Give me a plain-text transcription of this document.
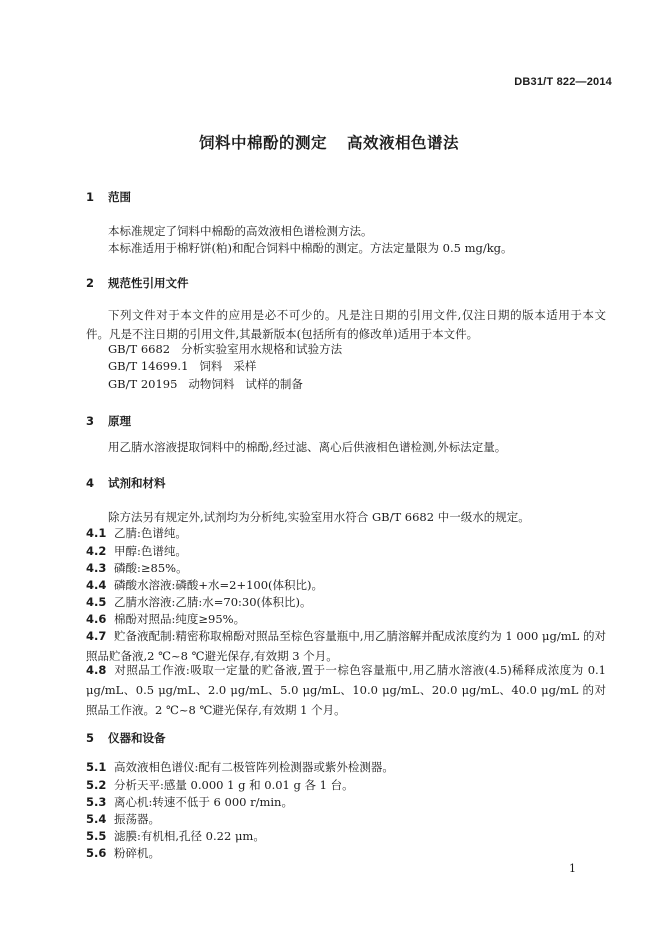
DB31/T 822—2014
饲料中棉酚的测定 高效液相色谱法
1 范围
本标准规定了饲料中棉酚的高效液相色谱检测方法。
本标准适用于棉籽饼(粕)和配合饲料中棉酚的测定。方法定量限为 0.5 mg/kg。
2 规范性引用文件
下列文件对于本文件的应用是必不可少的。凡是注日期的引用文件,仅注日期的版本适用于本文件。凡是不注日期的引用文件,其最新版本(包括所有的修改单)适用于本文件。
GB/T 6682   分析实验室用水规格和试验方法
GB/T 14699.1   饲料   采样
GB/T 20195   动物饲料   试样的制备
3 原理
用乙腈水溶液提取饲料中的棉酚,经过滤、离心后供液相色谱检测,外标法定量。
4 试剂和材料
除方法另有规定外,试剂均为分析纯,实验室用水符合 GB/T 6682 中一级水的规定。
4.1 乙腈:色谱纯。
4.2 甲醇:色谱纯。
4.3 磷酸:≥85%。
4.4 磷酸水溶液:磷酸+水=2+100(体积比)。
4.5 乙腈水溶液:乙腈:水=70:30(体积比)。
4.6 棉酚对照品:纯度≥95%。
4.7 贮备液配制:精密称取棉酚对照品至棕色容量瓶中,用乙腈溶解并配成浓度约为 1 000 μg/mL 的对照品贮备液,2 ℃~8 ℃避光保存,有效期 3 个月。
4.8 对照品工作液:吸取一定量的贮备液,置于一棕色容量瓶中,用乙腈水溶液(4.5)稀释成浓度为 0.1 μg/mL、0.5 μg/mL、2.0 μg/mL、5.0 μg/mL、10.0 μg/mL、20.0 μg/mL、40.0 μg/mL 的对照品工作液。2 ℃~8 ℃避光保存,有效期 1 个月。
5 仪器和设备
5.1 高效液相色谱仪:配有二极管阵列检测器或紫外检测器。
5.2 分析天平:感量 0.000 1 g 和 0.01 g 各 1 台。
5.3 离心机:转速不低于 6 000 r/min。
5.4 振荡器。
5.5 滤膜:有机相,孔径 0.22 μm。
5.6 粉碎机。
1
